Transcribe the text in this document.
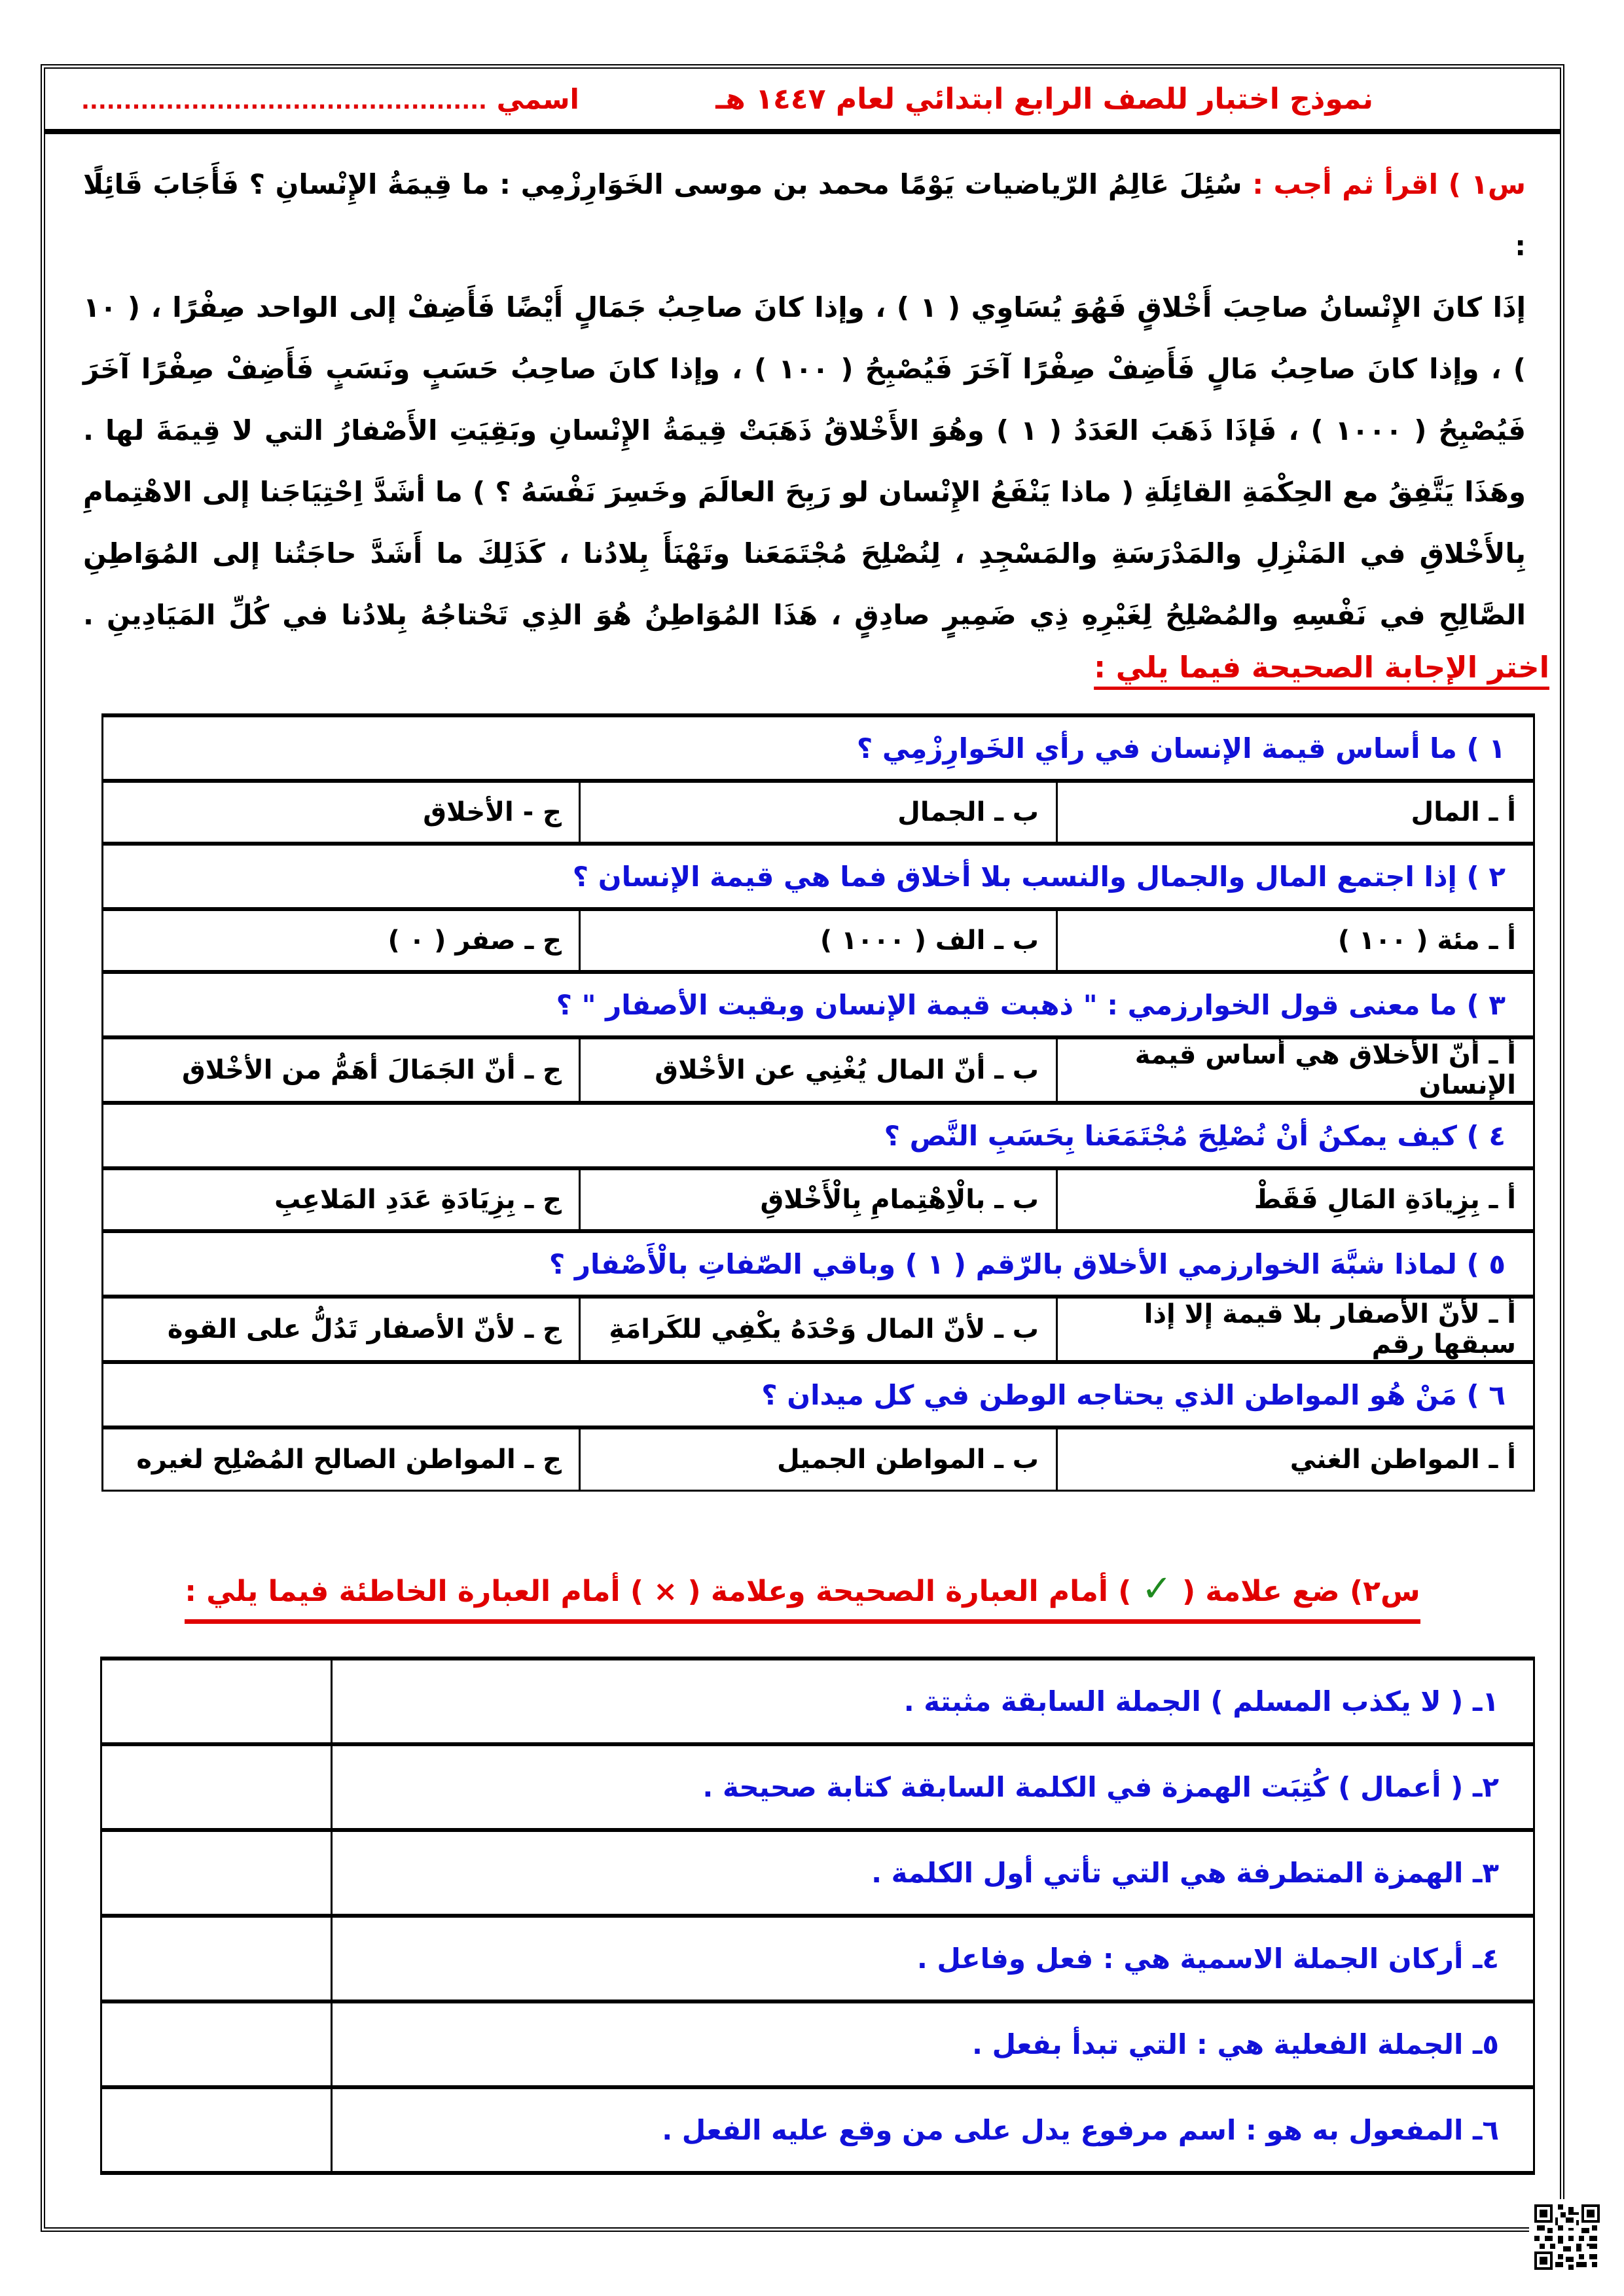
نموذج اختبار للصف الرابع ابتدائي لعام ١٤٤٧ هـ
اسمي ................................................
س١ ) اقرأ ثم أجب : سُئِلَ عَالِمُ الرّياضيات يَوْمًا محمد بن موسى الخَوَارِزْمِي : ما قِيمَةُ الإِنْسانِ ؟ فَأَجَابَ قَائِلًا :
إذَا كانَ الإِنْسانُ صاحِبَ أَخْلاقٍ فَهُوَ يُسَاوِي ( ١ ) ، وإذا كانَ صاحِبُ جَمَالٍ أَيْضًا فَأَضِفْ إلى الواحد صِفْرًا ، ( ١٠
) ، وإذا كانَ صاحِبُ مَالٍ فَأَضِفْ صِفْرًا آخَرَ فَيُصْبِحُ ( ١٠٠ ) ، وإذا كانَ صاحِبُ حَسَبٍ ونَسَبٍ فَأَضِفْ صِفْرًا آخَرَ
فَيُصْبِحُ ( ١٠٠٠ ) ، فَإذَا ذَهَبَ العَدَدُ ( ١ ) وهُوَ الأَخْلاقُ ذَهَبَتْ قِيمَةُ الإِنْسانِ وبَقِيَتِ الأَصْفارُ التي لا قِيمَةَ لها .
وهَذَا يَتَّفِقُ مع الحِكْمَةِ القائِلَةِ ( ماذا يَنْفَعُ الإِنْسان لو رَبِحَ العالَمَ وخَسِرَ نَفْسَهُ ؟ ) ما أشَدَّ اِحْتِيَاجَنا إلى الاهْتِمامِ
بِالأَخْلاقِ في المَنْزِلِ والمَدْرَسَةِ والمَسْجِدِ ، لِنُصْلِحَ مُجْتَمَعَنا وتَهْنَأَ بِلادُنا ، كَذَلِكَ ما أَشَدَّ حاجَتُنا إلى المُوَاطِنِ
الصَّالِحِ في نَفْسِهِ والمُصْلِحُ لِغَيْرِهِ ذِي ضَمِيرٍ صادِقٍ ، هَذَا المُوَاطِنُ هُوَ الذِي تَحْتاجُهُ بِلادُنا في كُلِّ المَيَادِينِ .
اختر الإجابة الصحيحة فيما يلي :
١ ) ما أساس قيمة الإنسان في رأي الخَوارِزْمِي ؟		
أ ـ المال	ب ـ الجمال	ج - الأخلاق
٢ ) إذا اجتمع المال والجمال والنسب بلا أخلاق فما هي قيمة الإنسان ؟		
أ ـ مئة ( ١٠٠ )	ب ـ الف ( ١٠٠٠ )	ج ـ صفر ( ٠ )
٣ ) ما معنى قول الخوارزمي : " ذهبت قيمة الإنسان وبقيت الأصفار " ؟		
أ ـ أنّ الأخلاق هي أساس قيمة الإنسان	ب ـ أنّ المال يُغْنِي عن الأخْلاق	ج ـ أنّ الجَمَالَ أهَمُّ من الأخْلاق
٤ ) كيف يمكنُ أنْ نُصْلِحَ مُجْتَمَعَنا بِحَسَبِ النَّص ؟		
أ ـ بِزِيادَةِ المَالِ فَقَطْ	ب ـ بالْاِهْتِمامِ بِالْأَخْلاقِ	ج ـ بِزِيَادَةِ عَدَدِ المَلاعِبِ
٥ ) لماذا شبَّهَ الخوارزمي الأخلاق بالرّقم ( ١ ) وباقي الصّفاتِ بالْأَصْفار ؟		
أ ـ لأنّ الأصفار بلا قيمة إلا إذا سبقها رقم	ب ـ لأنّ المال وَحْدَهُ يكْفِي للكَرامَةِ	ج ـ لأنّ الأصفار تَدُلُّ على القوة
٦ ) مَنْ هُو المواطن الذي يحتاجه الوطن في كل ميدان ؟		
أ ـ المواطن الغني	ب ـ المواطن الجميل	ج ـ المواطن الصالح المُصْلِح لغيره
س٢) ضع علامة ( ✓ ) أمام العبارة الصحيحة وعلامة ( × ) أمام العبارة الخاطئة فيما يلي :
١ـ ( لا يكذب المسلم ) الجملة السابقة مثبتة .	
٢ـ ( أعمال ) كُتِبَت الهمزة في الكلمة السابقة كتابة صحيحة .	
٣ـ الهمزة المتطرفة هي التي تأتي أول الكلمة .	
٤ـ أركان الجملة الاسمية هي : فعل وفاعل .	
٥ـ الجملة الفعلية هي : التي تبدأ بفعل .	
٦ـ المفعول به هو : اسم مرفوع يدل على من وقع عليه الفعل .	
